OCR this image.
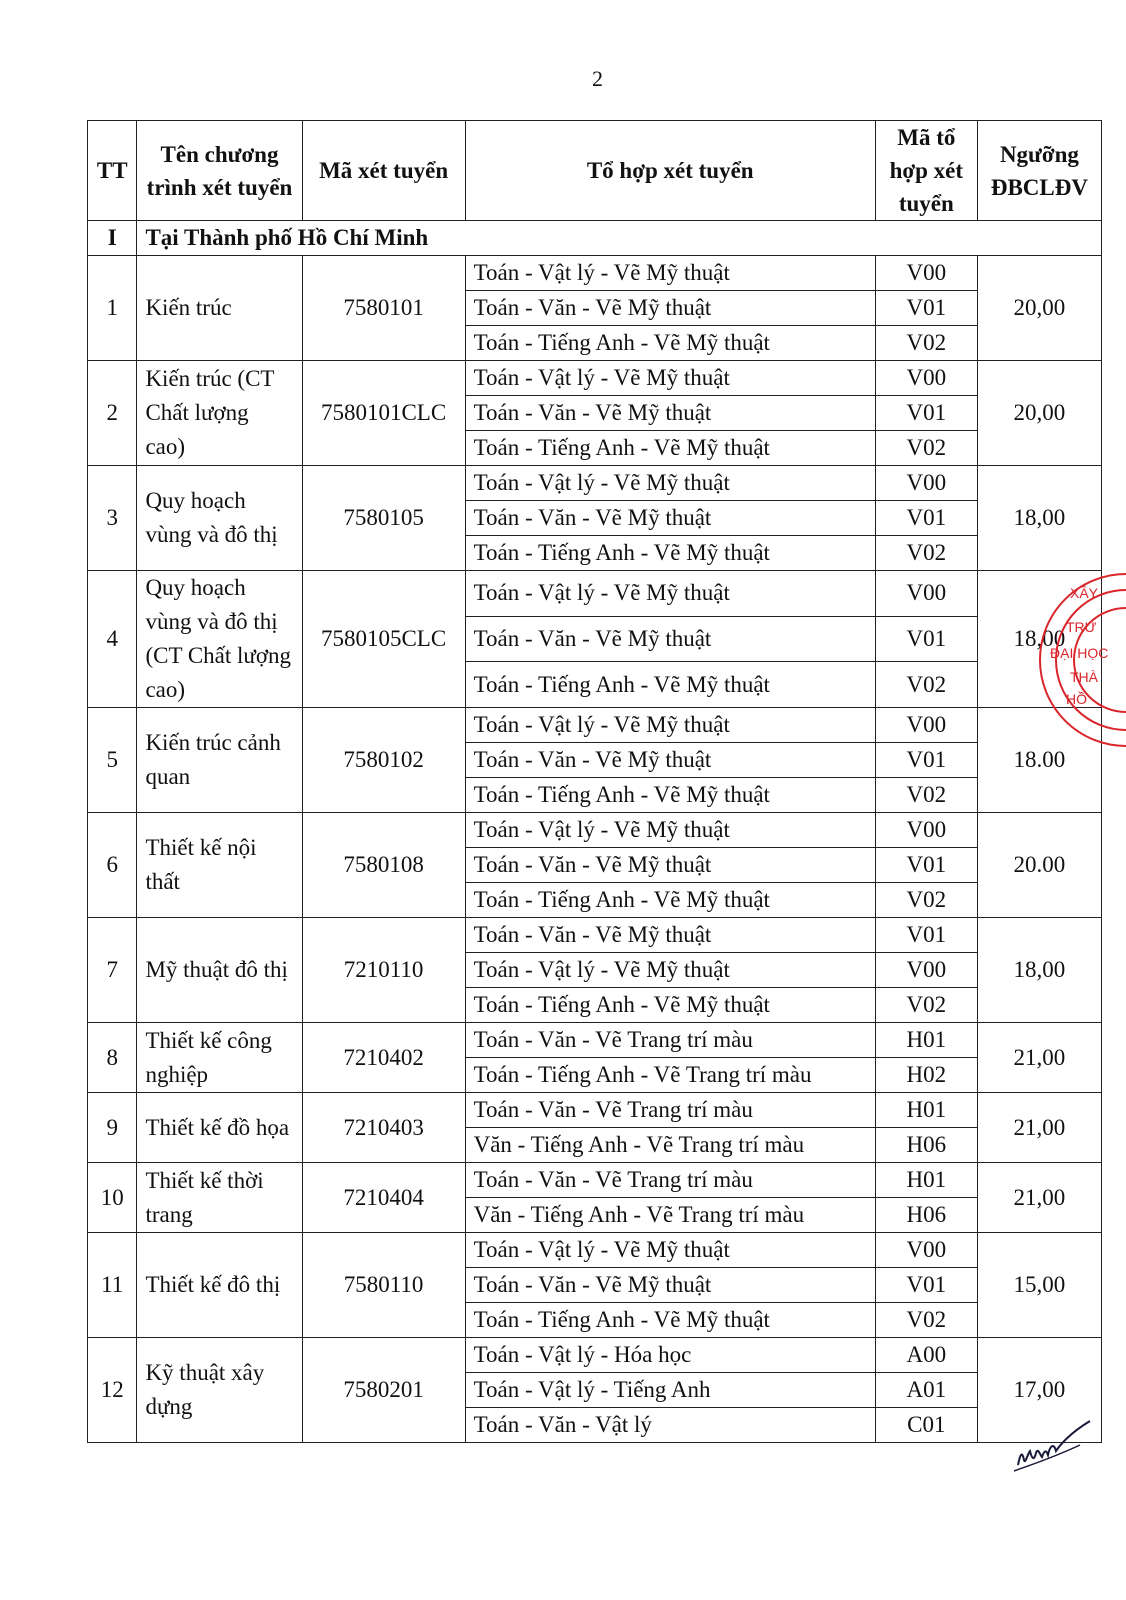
2
TT	Tên chương trình xét tuyển	Mã xét tuyển	Tổ hợp xét tuyển	Mã tổ hợp xét tuyển	Ngưỡng ĐBCLĐV
I	Tại Thành phố Hồ Chí Minh				
1	Kiến trúc	7580101	Toán - Vật lý - Vẽ Mỹ thuật	V00	20,00
			Toán - Văn - Vẽ Mỹ thuật	V01	
			Toán - Tiếng Anh - Vẽ Mỹ thuật	V02	
2	Kiến trúc (CT Chất lượng cao)	7580101CLC	Toán - Vật lý - Vẽ Mỹ thuật	V00	20,00
			Toán - Văn - Vẽ Mỹ thuật	V01	
			Toán - Tiếng Anh - Vẽ Mỹ thuật	V02	
3	Quy hoạch vùng và đô thị	7580105	Toán - Vật lý - Vẽ Mỹ thuật	V00	18,00
			Toán - Văn - Vẽ Mỹ thuật	V01	
			Toán - Tiếng Anh - Vẽ Mỹ thuật	V02	
4	Quy hoạch vùng và đô thị (CT Chất lượng cao)	7580105CLC	Toán - Vật lý - Vẽ Mỹ thuật	V00	18,00
			Toán - Văn - Vẽ Mỹ thuật	V01	
			Toán - Tiếng Anh - Vẽ Mỹ thuật	V02	
5	Kiến trúc cảnh quan	7580102	Toán - Vật lý - Vẽ Mỹ thuật	V00	18.00
			Toán - Văn - Vẽ Mỹ thuật	V01	
			Toán - Tiếng Anh - Vẽ Mỹ thuật	V02	
6	Thiết kế nội thất	7580108	Toán - Vật lý - Vẽ Mỹ thuật	V00	20.00
			Toán - Văn - Vẽ Mỹ thuật	V01	
			Toán - Tiếng Anh - Vẽ Mỹ thuật	V02	
7	Mỹ thuật đô thị	7210110	Toán - Văn - Vẽ Mỹ thuật	V01	18,00
			Toán - Vật lý - Vẽ Mỹ thuật	V00	
			Toán - Tiếng Anh - Vẽ Mỹ thuật	V02	
8	Thiết kế công nghiệp	7210402	Toán - Văn - Vẽ Trang trí màu	H01	21,00
			Toán - Tiếng Anh - Vẽ Trang trí màu	H02	
9	Thiết kế đồ họa	7210403	Toán - Văn - Vẽ Trang trí màu	H01	21,00
			Văn - Tiếng Anh - Vẽ Trang trí màu	H06	
10	Thiết kế thời trang	7210404	Toán - Văn - Vẽ Trang trí màu	H01	21,00
			Văn - Tiếng Anh - Vẽ Trang trí màu	H06	
11	Thiết kế đô thị	7580110	Toán - Vật lý - Vẽ Mỹ thuật	V00	15,00
			Toán - Văn - Vẽ Mỹ thuật	V01	
			Toán - Tiếng Anh - Vẽ Mỹ thuật	V02	
12	Kỹ thuật xây dựng	7580201	Toán - Vật lý - Hóa học	A00	17,00
			Toán - Vật lý - Tiếng Anh	A01	
			Toán - Văn - Vật lý	C01	
XÂY
TRƯ
ĐẠI HỌC
THÀ
HỒ
